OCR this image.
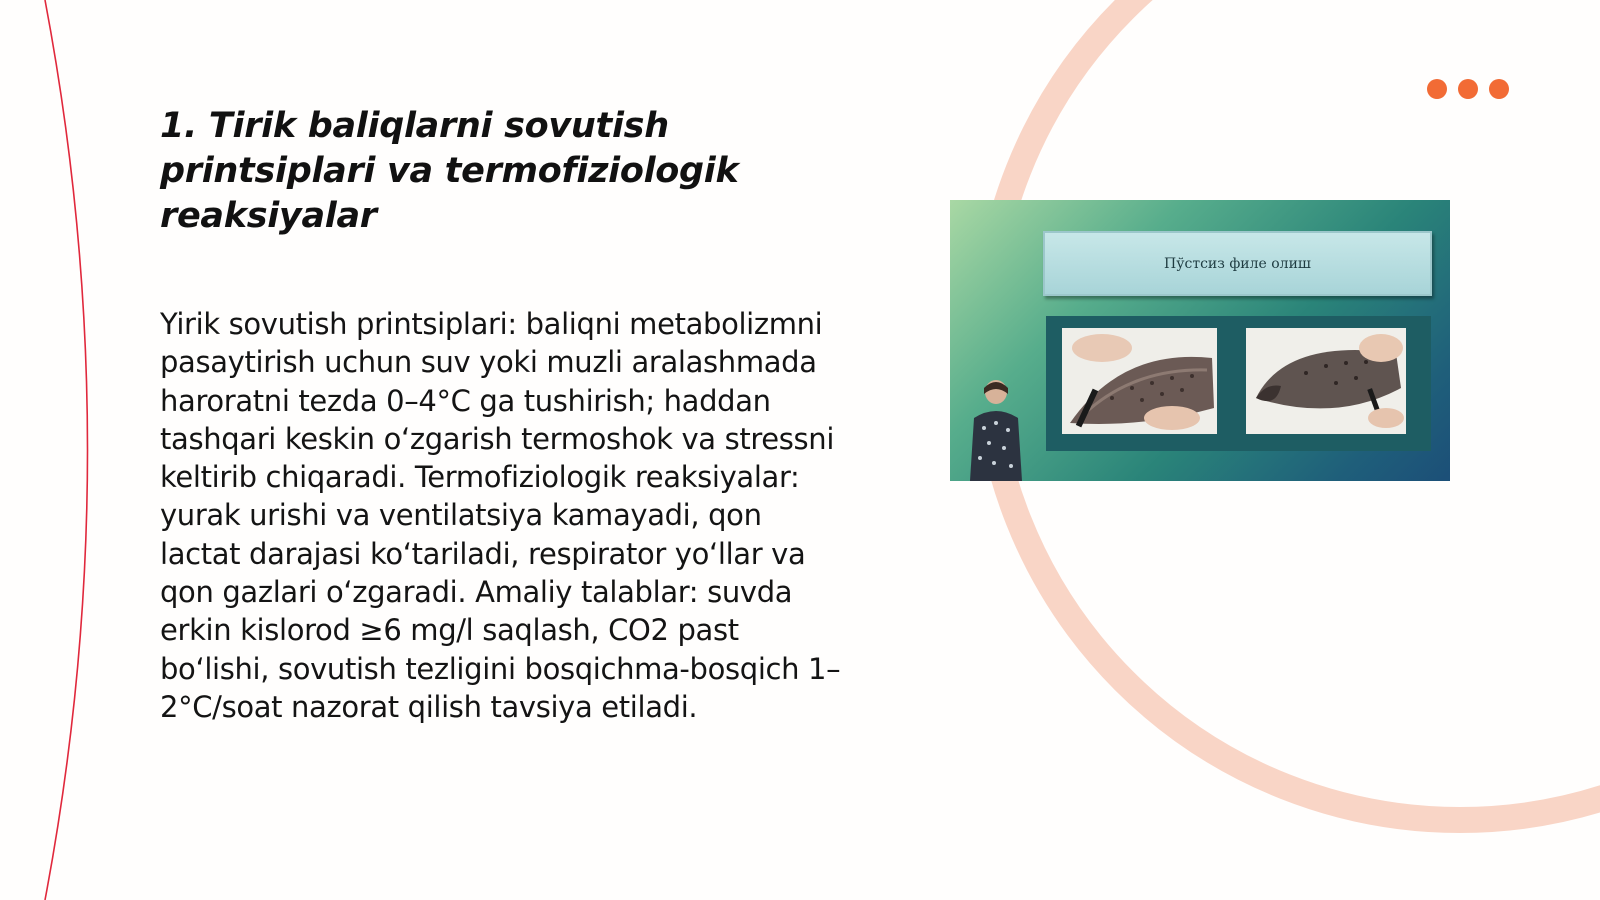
1. Tirik baliqlarni sovutish printsiplari va termofiziologik reaksiyalar

Yirik sovutish printsiplari: baliqni metabolizmni pasaytirish uchun suv yoki muzli aralashmada haroratni tezda 0–4°C ga tushirish; haddan tashqari keskin oʻzgarish termoshok va stressni keltirib chiqaradi. Termofiziologik reaksiyalar: yurak urishi va ventilatsiya kamayadi, qon lactat darajasi koʻtariladi, respirator yoʻllar va qon gazlari oʻzgaradi. Amaliy talablar: suvda erkin kislorod ≥6 mg/l saqlash, CO2 past boʻlishi, sovutish tezligini bosqichma-bosqich 1–2°C/soat nazorat qilish tavsiya etiladi.

Пўстсиз филе олиш
